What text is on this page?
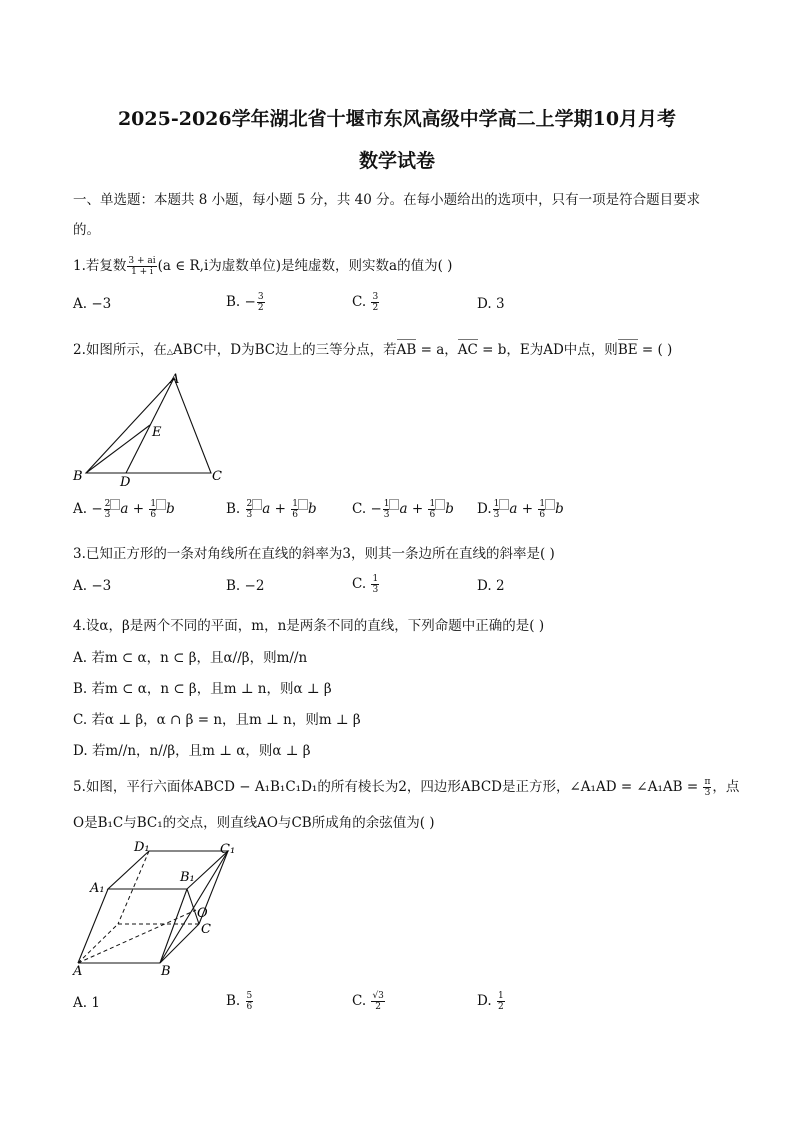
2025-2026学年湖北省十堰市东风高级中学高二上学期10月月考
数学试卷
一、单选题：本题共 8 小题，每小题 5 分，共 40 分。在每小题给出的选项中，只有一项是符合题目要求
的。
1.若复数 $\frac{3 + ai}{1 + i} (a$ ∈ R,i为虚数单位)是纯虚数，则实数a的值为( )
A. −3	B. − $\frac{3}{2}$	C. $\frac{3}{2}$	D. 3
2.如图所示，在△ABC中，D为BC边上的三等分点，若AB = a，AC = b，E为AD中点，则BE = ( )
A
B	C
D
E
A. − $\frac{2}{3}$ $a + \frac{1}{6}$ b	B. $\frac{2}{3}$ $a + \frac{1}{6}$ b	C. − $\frac{1}{3}$ $a + \frac{1}{6}$ b D. $\frac{1}{3}$ $a + \frac{1}{6}$ b
3.已知正方形的一条对角线所在直线的斜率为3，则其一条边所在直线的斜率是( )
A. −3	B. −2	C. $\frac{1}{3}$	D. 2
4.设α，β是两个不同的平面，m，n是两条不同的直线，下列命题中正确的是( )
A. 若m ⊂ α，n ⊂ β，且α//β，则m//n
B. 若m ⊂ α，n ⊂ β，且m ⊥ n，则α ⊥ β
C. 若α ⊥ β，α ∩ β = n，且m ⊥ n，则m ⊥ β
D. 若m//n，n//β，且m ⊥ α，则α ⊥ β
5.如图，平行六面体ABCD − A₁B₁C₁D₁的所有棱长为2，四边形ABCD是正方形，∠A₁AD = ∠A₁AB = $\frac{\pi}{3}$ ，点
O是B₁C与BC₁的交点，则直线AO与CB所成角的余弦值为( )
D₁	C₁
A₁
B₁
O
C
A	B
A. 1	B. $\frac{5}{6}$	C. $\frac{√3}{2}$	D. $\frac{1}{2}$
